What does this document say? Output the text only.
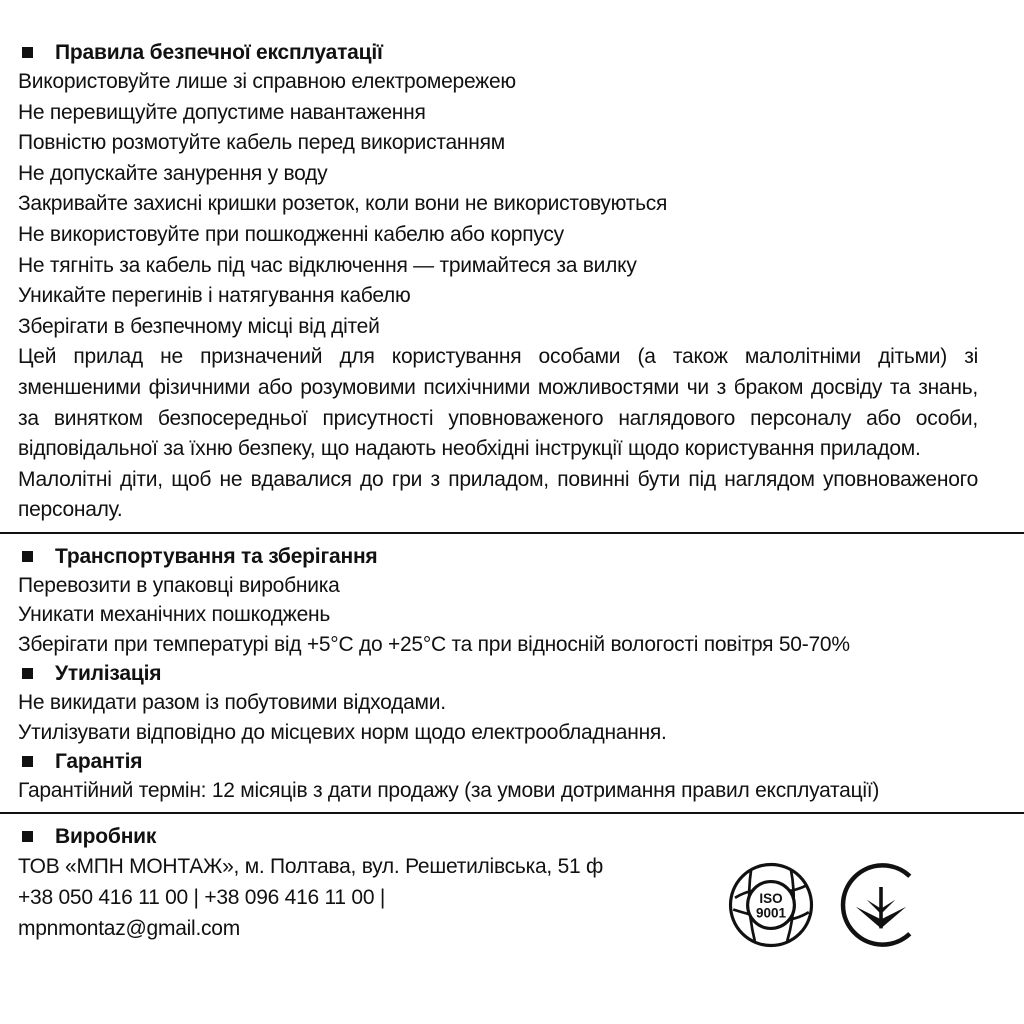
Правила безпечної експлуатації

Використовуйте лише зі справною електромережею

Не перевищуйте допустиме навантаження

Повністю розмотуйте кабель перед використанням

Не допускайте занурення у воду

Закривайте захисні кришки розеток, коли вони не використовуються

Не використовуйте при пошкодженні кабелю або корпусу

Не тягніть за кабель під час відключення — тримайтеся за вилку

Уникайте перегинів і натягування кабелю

Зберігати в безпечному місці від дітей

Цей прилад не призначений для користування особами (а також малолітніми дітьми) зі зменшеними фізичними або розумовими психічними можливостями чи з браком досвіду та знань, за винятком безпосередньої присутності уповноваженого наглядового персоналу або особи, відповідальної за їхню безпеку, що надають необхідні інструкції щодо користування приладом.

Малолітні діти, щоб не вдавалися до гри з приладом, повинні бути під наглядом уповноваженого персоналу.

Транспортування та зберігання

Перевозити в упаковці виробника

Уникати механічних пошкоджень

Зберігати при температурі від +5°С до +25°С та при відносній вологості повітря 50-70%

Утилізація

Не викидати разом із побутовими відходами.

Утилізувати відповідно до місцевих норм щодо електрообладнання.

Гарантія

Гарантійний термін: 12 місяців з дати продажу (за умови дотримання правил експлуатації)

Виробник

ТОВ «МПН МОНТАЖ», м. Полтава, вул. Решетилівська, 51 ф

+38 050 416 11 00 | +38 096 416 11 00 |

mpnmontaz@gmail.com

ISO
9001
